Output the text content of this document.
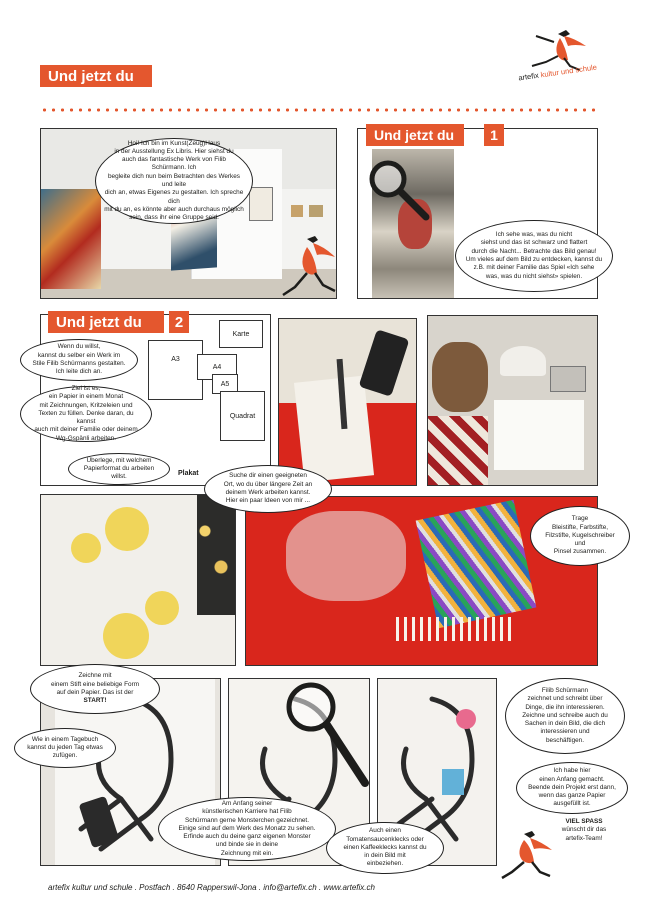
artefix kultur und schule
Und jetzt du
Hoi! Ich bin im Kunst(Zeug)Haus
in der Ausstellung Ex Libris. Hier siehst du
auch das fantastische Werk von Filib Schürmann. Ich
begleite dich nun beim Betrachten des Werkes und leite
dich an, etwas Eigenes zu gestalten. Ich spreche dich
mit du an, es könnte aber auch durchaus möglich
sein, dass ihr eine Gruppe seid.
Und jetzt du	1
Ich sehe was, was du nicht
siehst und das ist schwarz und flattert
durch die Nacht... Betrachte das Bild genau!
Um vieles auf dem Bild zu entdecken, kannst du
z.B. mit deiner Familie das Spiel «Ich sehe
was, was du nicht siehst» spielen.
Und jetzt du 2
A3
Karte
A4
A5
Quadrat
Plakat
Wenn du willst,
kannst du selber ein Werk im
Stile Filib Schürmanns gestalten.
Ich leite dich an.
Ziel ist es,
ein Papier in einem Monat
mit Zeichnungen, Kritzeleien und
Texten zu füllen. Denke daran, du kannst
auch mit deiner Familie oder deinem
Wg-Gspänli arbeiten.
Überlege, mit welchem
Papierformat du arbeiten
willst.	Suche dir einen geeigneten
Ort, wo du über längere Zeit an
deinem Werk arbeiten kannst.
Hier ein paar Ideen von mir ...
Trage
Bleistifte, Farbstifte,
Filzstifte, Kugelschreiber und
Pinsel zusammen.
Zeichne mit
einem Stift eine beliebige Form
auf dein Papier. Das ist der
START!
Wie in einem Tagebuch
kannst du jeden Tag etwas
zufügen.
Am Anfang seiner
künstlerischen Karriere hat Filib
Schürmann gerne Monsterchen gezeichnet.
Einige sind auf dem Werk des Monatz zu sehen.
Erfinde auch du deine ganz eigenen Monster
und binde sie in deine
Zeichnung mit ein.
Auch einen
Tomatensaucenklecks oder
einen Kaffeeklecks kannst du
in dein Bild mit
einbeziehen.
Filib Schürmann
zeichnet und schreibt über
Dinge, die ihn interessieren.
Zeichne und schreibe auch du
Sachen in dein Bild, die dich
interessieren und
beschäftigen.
Ich habe hier
einen Anfang gemacht.
Beende dein Projekt erst dann,
wenn das ganze Papier
ausgefüllt ist.
VIEL SPASS
wünscht dir das
artefix-Team!
artefix kultur und schule . Postfach . 8640 Rapperswil-Jona . info@artefix.ch . www.artefix.ch
